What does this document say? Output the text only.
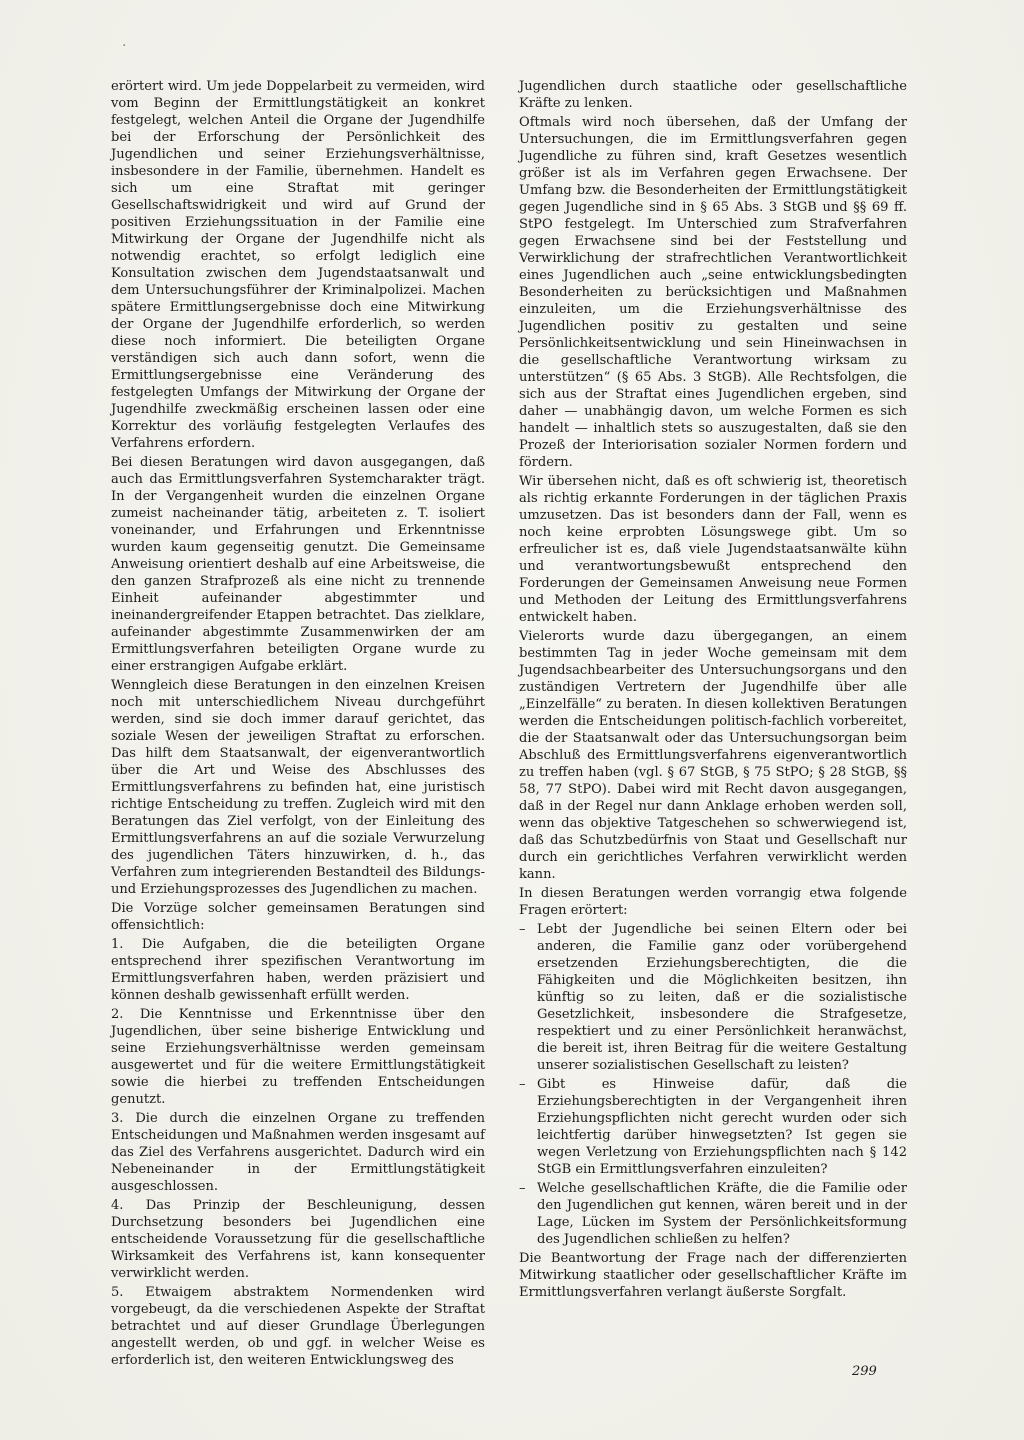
·

erörtert wird. Um jede Doppelarbeit zu vermeiden, wird vom Beginn der Ermittlungstätigkeit an konkret festgelegt, welchen Anteil die Organe der Jugendhilfe bei der Erforschung der Persönlichkeit des Jugendlichen und seiner Erziehungsverhältnisse, insbesondere in der Familie, übernehmen. Handelt es sich um eine Straftat mit geringer Gesellschaftswidrigkeit und wird auf Grund der positiven Erziehungssituation in der Familie eine Mitwirkung der Organe der Jugendhilfe nicht als notwendig erachtet, so erfolgt lediglich eine Konsultation zwischen dem Jugendstaatsanwalt und dem Untersuchungsführer der Kriminalpolizei. Machen spätere Ermittlungsergebnisse doch eine Mitwirkung der Organe der Jugendhilfe erforderlich, so werden diese noch informiert. Die beteiligten Organe verständigen sich auch dann sofort, wenn die Ermittlungsergebnisse eine Veränderung des festgelegten Umfangs der Mitwirkung der Organe der Jugendhilfe zweckmäßig erscheinen lassen oder eine Korrektur des vorläufig festgelegten Verlaufes des Verfahrens erfordern.

Bei diesen Beratungen wird davon ausgegangen, daß auch das Ermittlungsverfahren Systemcharakter trägt. In der Vergangenheit wurden die einzelnen Organe zumeist nacheinander tätig, arbeiteten z. T. isoliert voneinander, und Erfahrungen und Erkenntnisse wurden kaum gegenseitig genutzt. Die Gemeinsame Anweisung orientiert deshalb auf eine Arbeitsweise, die den ganzen Strafprozeß als eine nicht zu trennende Einheit aufeinander abgestimmter und ineinandergreifender Etappen betrachtet. Das zielklare, aufeinander abgestimmte Zusammenwirken der am Ermittlungsverfahren beteiligten Organe wurde zu einer erstrangigen Aufgabe erklärt.

Wenngleich diese Beratungen in den einzelnen Kreisen noch mit unterschiedlichem Niveau durchgeführt werden, sind sie doch immer darauf gerichtet, das soziale Wesen der jeweiligen Straftat zu erforschen. Das hilft dem Staatsanwalt, der eigenverantwortlich über die Art und Weise des Abschlusses des Ermittlungsverfahrens zu befinden hat, eine juristisch richtige Entscheidung zu treffen. Zugleich wird mit den Beratungen das Ziel verfolgt, von der Einleitung des Ermittlungsverfahrens an auf die soziale Verwurzelung des jugendlichen Täters hinzuwirken, d. h., das Verfahren zum integrierenden Bestandteil des Bildungs- und Erziehungsprozesses des Jugendlichen zu machen.

Die Vorzüge solcher gemeinsamen Beratungen sind offensichtlich:

1. Die Aufgaben, die die beteiligten Organe entsprechend ihrer spezifischen Verantwortung im Ermittlungsverfahren haben, werden präzisiert und können deshalb gewissenhaft erfüllt werden.

2. Die Kenntnisse und Erkenntnisse über den Jugendlichen, über seine bisherige Entwicklung und seine Erziehungsverhältnisse werden gemeinsam ausgewertet und für die weitere Ermittlungstätigkeit sowie die hierbei zu treffenden Entscheidungen genutzt.

3. Die durch die einzelnen Organe zu treffenden Entscheidungen und Maßnahmen werden insgesamt auf das Ziel des Verfahrens ausgerichtet. Dadurch wird ein Nebeneinander in der Ermittlungstätigkeit ausgeschlossen.

4. Das Prinzip der Beschleunigung, dessen Durchsetzung besonders bei Jugendlichen eine entscheidende Voraussetzung für die gesellschaftliche Wirksamkeit des Verfahrens ist, kann konsequenter verwirklicht werden.

5. Etwaigem abstraktem Normendenken wird vorgebeugt, da die verschiedenen Aspekte der Straftat betrachtet und auf dieser Grundlage Überlegungen angestellt werden, ob und ggf. in welcher Weise es erforderlich ist, den weiteren Entwicklungsweg des

Jugendlichen durch staatliche oder gesellschaftliche Kräfte zu lenken.

Oftmals wird noch übersehen, daß der Umfang der Untersuchungen, die im Ermittlungsverfahren gegen Jugendliche zu führen sind, kraft Gesetzes wesentlich größer ist als im Verfahren gegen Erwachsene. Der Umfang bzw. die Besonderheiten der Ermittlungstätigkeit gegen Jugendliche sind in § 65 Abs. 3 StGB und §§ 69 ff. StPO festgelegt. Im Unterschied zum Strafverfahren gegen Erwachsene sind bei der Feststellung und Verwirklichung der strafrechtlichen Verantwortlichkeit eines Jugendlichen auch „seine entwicklungsbedingten Besonderheiten zu berücksichtigen und Maßnahmen einzuleiten, um die Erziehungsverhältnisse des Jugendlichen positiv zu gestalten und seine Persönlichkeitsentwicklung und sein Hineinwachsen in die gesellschaftliche Verantwortung wirksam zu unterstützen“ (§ 65 Abs. 3 StGB). Alle Rechtsfolgen, die sich aus der Straftat eines Jugendlichen ergeben, sind daher — unabhängig davon, um welche Formen es sich handelt — inhaltlich stets so auszugestalten, daß sie den Prozeß der Interiorisation sozialer Normen fordern und fördern.

Wir übersehen nicht, daß es oft schwierig ist, theoretisch als richtig erkannte Forderungen in der täglichen Praxis umzusetzen. Das ist besonders dann der Fall, wenn es noch keine erprobten Lösungswege gibt. Um so erfreulicher ist es, daß viele Jugendstaatsanwälte kühn und verantwortungsbewußt entsprechend den Forderungen der Gemeinsamen Anweisung neue Formen und Methoden der Leitung des Ermittlungsverfahrens entwickelt haben.

Vielerorts wurde dazu übergegangen, an einem bestimmten Tag in jeder Woche gemeinsam mit dem Jugendsachbearbeiter des Untersuchungsorgans und den zuständigen Vertretern der Jugendhilfe über alle „Einzelfälle“ zu beraten. In diesen kollektiven Beratungen werden die Entscheidungen politisch-fachlich vorbereitet, die der Staatsanwalt oder das Untersuchungsorgan beim Abschluß des Ermittlungsverfahrens eigenverantwortlich zu treffen haben (vgl. § 67 StGB, § 75 StPO; § 28 StGB, §§ 58, 77 StPO). Dabei wird mit Recht davon ausgegangen, daß in der Regel nur dann Anklage erhoben werden soll, wenn das objektive Tatgeschehen so schwerwiegend ist, daß das Schutzbedürfnis von Staat und Gesellschaft nur durch ein gerichtliches Verfahren verwirklicht werden kann.

In diesen Beratungen werden vorrangig etwa folgende Fragen erörtert:

– Lebt der Jugendliche bei seinen Eltern oder bei anderen, die Familie ganz oder vorübergehend ersetzenden Erziehungsberechtigten, die die Fähigkeiten und die Möglichkeiten besitzen, ihn künftig so zu leiten, daß er die sozialistische Gesetzlichkeit, insbesondere die Strafgesetze, respektiert und zu einer Persönlichkeit heranwächst, die bereit ist, ihren Beitrag für die weitere Gestaltung unserer sozialistischen Gesellschaft zu leisten?
– Gibt es Hinweise dafür, daß die Erziehungsberechtigten in der Vergangenheit ihren Erziehungspflichten nicht gerecht wurden oder sich leichtfertig darüber hinwegsetzten? Ist gegen sie wegen Verletzung von Erziehungspflichten nach § 142 StGB ein Ermittlungsverfahren einzuleiten?
– Welche gesellschaftlichen Kräfte, die die Familie oder den Jugendlichen gut kennen, wären bereit und in der Lage, Lücken im System der Persönlichkeitsformung des Jugendlichen schließen zu helfen?

Die Beantwortung der Frage nach der differenzierten Mitwirkung staatlicher oder gesellschaftlicher Kräfte im Ermittlungsverfahren verlangt äußerste Sorgfalt.

299
